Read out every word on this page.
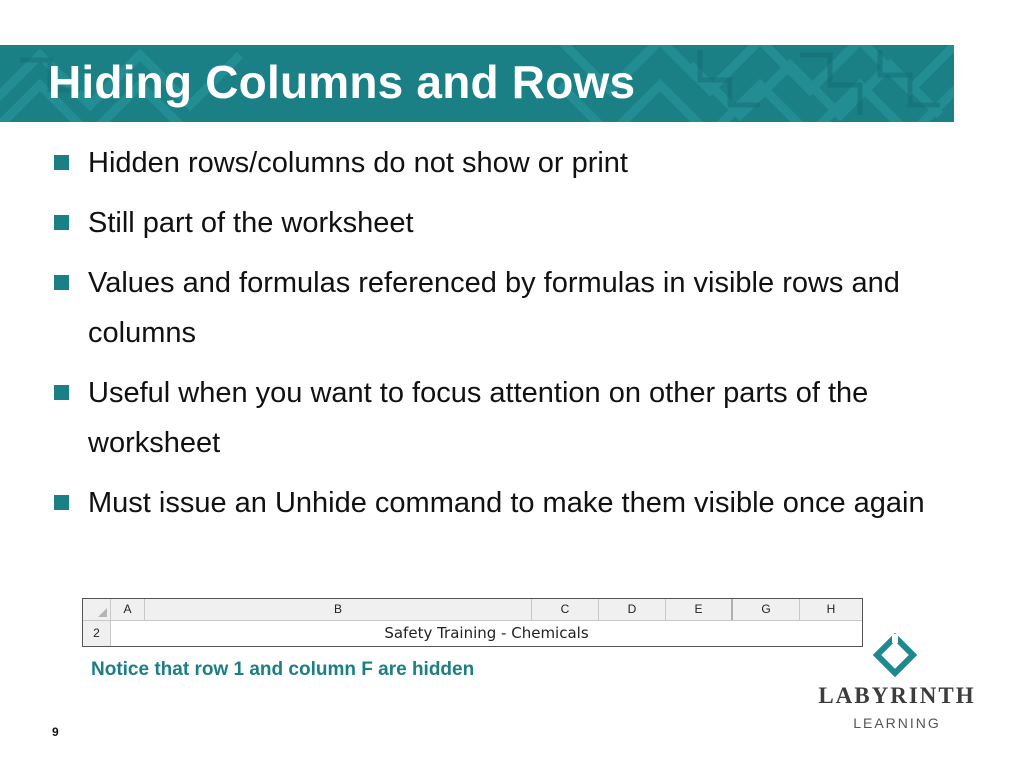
Hiding Columns and Rows
Hidden rows/columns do not show or print
Still part of the worksheet
Values and formulas referenced by formulas in visible rows and columns
Useful when you want to focus attention on other parts of the worksheet
Must issue an Unhide command to make them visible once again
A	B	C	D	E	G	H
2	Safety Training - Chemicals
Notice that row 1 and column F are hidden
9
LABYRINTH
LEARNING
